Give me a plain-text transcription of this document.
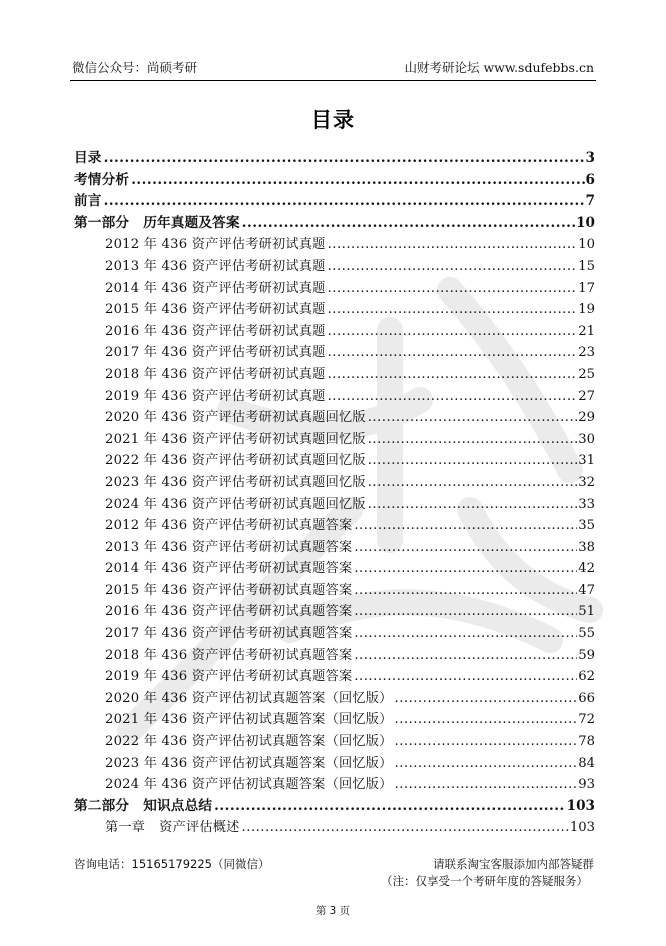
微信公众号：尚硕考研	山财考研论坛 www.sdufebbs.cn
目录
目录 .....	3
考情分析 .....	6
前言 .....	7
第一部分 历年真题及答案 .....	10
2012 年 436 资产评估考研初试真题 .....	10
2013 年 436 资产评估考研初试真题 .....	15
2014 年 436 资产评估考研初试真题 .....	17
2015 年 436 资产评估考研初试真题 .....	19
2016 年 436 资产评估考研初试真题 .....	21
2017 年 436 资产评估考研初试真题 .....	23
2018 年 436 资产评估考研初试真题 .....	25
2019 年 436 资产评估考研初试真题 .....	27
2020 年 436 资产评估考研初试真题回忆版 .....	29
2021 年 436 资产评估考研初试真题回忆版 .....	30
2022 年 436 资产评估考研初试真题回忆版 .....	31
2023 年 436 资产评估考研初试真题回忆版 .....	32
2024 年 436 资产评估考研初试真题回忆版 .....	33
2012 年 436 资产评估考研初试真题答案 .....	35
2013 年 436 资产评估考研初试真题答案 .....	38
2014 年 436 资产评估考研初试真题答案 .....	42
2015 年 436 资产评估考研初试真题答案 .....	47
2016 年 436 资产评估考研初试真题答案 .....	51
2017 年 436 资产评估考研初试真题答案 .....	55
2018 年 436 资产评估考研初试真题答案 .....	59
2019 年 436 资产评估考研初试真题答案 .....	62
2020 年 436 资产评估初试真题答案（回忆版） .....	66
2021 年 436 资产评估初试真题答案（回忆版） .....	72
2022 年 436 资产评估初试真题答案（回忆版） .....	78
2023 年 436 资产评估初试真题答案（回忆版） .....	84
2024 年 436 资产评估初试真题答案（回忆版） .....	93
第二部分 知识点总结 .....	103
第一章 资产评估概述 .....	103
咨询电话：15165179225（同微信）	请联系淘宝客服添加内部答疑群
（注：仅享受一个考研年度的答疑服务）
第 3 页
